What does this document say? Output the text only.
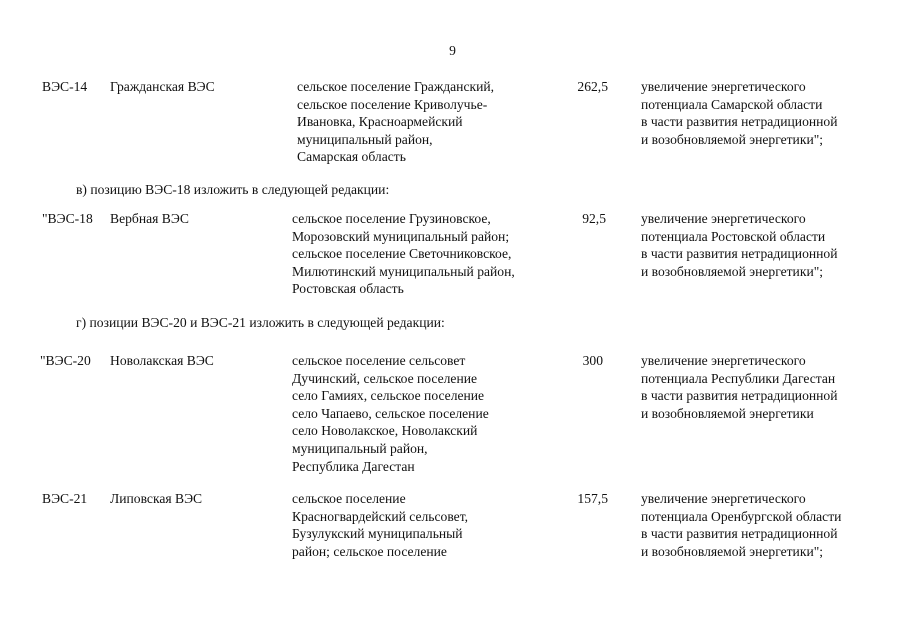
9
ВЭС-14 Гражданская ВЭС	сельское поселение Гражданский,
сельское поселение Криволучье-
Ивановка, Красноармейский
муниципальный район,
Самарская область
262,5 увеличение энергетического
потенциала Самарской области
в части развития нетрадиционной
и возобновляемой энергетики";
в) позицию ВЭС-18 изложить в следующей редакции:
"ВЭС-18 Вербная ВЭС	сельское поселение Грузиновское,
Морозовский муниципальный район;
сельское поселение Светочниковское,
Милютинский муниципальный район,
Ростовская область
92,5	увеличение энергетического
потенциала Ростовской области
в части развития нетрадиционной
и возобновляемой энергетики";
г) позиции ВЭС-20 и ВЭС-21 изложить в следующей редакции:
"ВЭС-20 Новолакская ВЭС	сельское поселение сельсовет
Дучинский, сельское поселение
село Гамиях, сельское поселение
село Чапаево, сельское поселение
село Новолакское, Новолакский
муниципальный район,
Республика Дагестан
300	увеличение энергетического
потенциала Республики Дагестан
в части развития нетрадиционной
и возобновляемой энергетики
ВЭС-21 Липовская ВЭС	сельское поселение
Красногвардейский сельсовет,
Бузулукский муниципальный
район; сельское поселение
157,5 увеличение энергетического
потенциала Оренбургской области
в части развития нетрадиционной
и возобновляемой энергетики";
